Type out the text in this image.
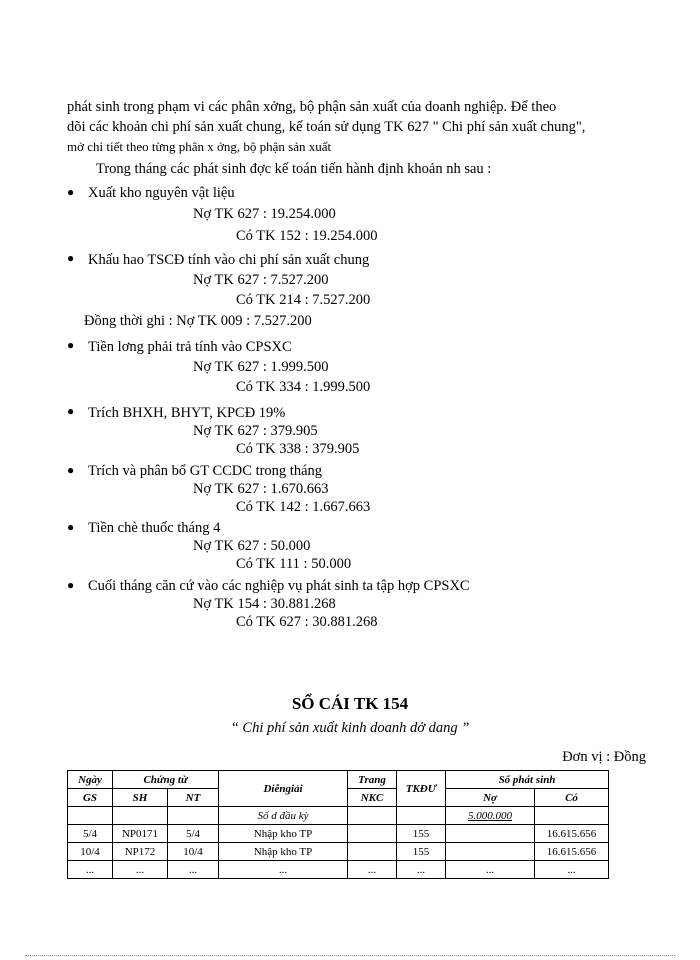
phát sinh trong phạm vi các phân xởng, bộ phận sản xuất của doanh nghiệp. Để theo
dõi các khoản chi phí sản xuất chung, kế toán sử dụng TK 627 " Chi phí sản xuất chung",
mở chi tiết theo từng phân x ởng, bộ phận sản xuất
Trong tháng các phát sinh đợc kế toán tiến hành định khoản nh sau :
● Xuất kho nguyên vật liệu
Nợ TK 627 : 19.254.000
Có TK 152 : 19.254.000
● Khấu hao TSCĐ tính vào chi phí sản xuất chung
Nợ TK 627 : 7.527.200
Có TK 214 : 7.527.200
Đồng thời ghi : Nợ TK 009 : 7.527.200
● Tiền lơng phải trả tính vào CPSXC
Nợ TK 627 : 1.999.500
Có TK 334 : 1.999.500
● Trích BHXH, BHYT, KPCĐ 19%
Nợ TK 627 : 379.905
Có TK 338 : 379.905
● Trích và phân bổ GT CCDC trong tháng
Nợ TK 627 : 1.670.663
Có TK 142 : 1.667.663
● Tiền chè thuốc tháng 4
Nợ TK 627 : 50.000
Có TK 111 : 50.000
● Cuối tháng căn cứ vào các nghiệp vụ phát sinh ta tập hợp CPSXC
Nợ TK 154 : 30.881.268
Có TK 627 : 30.881.268
SỔ CÁI TK 154
“ Chi phí sản xuất kinh doanh dở dang ”
Đơn vị : Đồng
Ngày	Chứng từ		Diễngiải	Trang	TKĐƯ	Số phát sinh	
GS	SH	NT		NKC		Nợ	Có
			Số d đầu kỳ			5.000.000	
5/4	NP0171	5/4	Nhập kho TP		155		16.615.656
10/4	NP172	10/4	Nhập kho TP		155		16.615.656
...	...	...	...	...	...	...	...
